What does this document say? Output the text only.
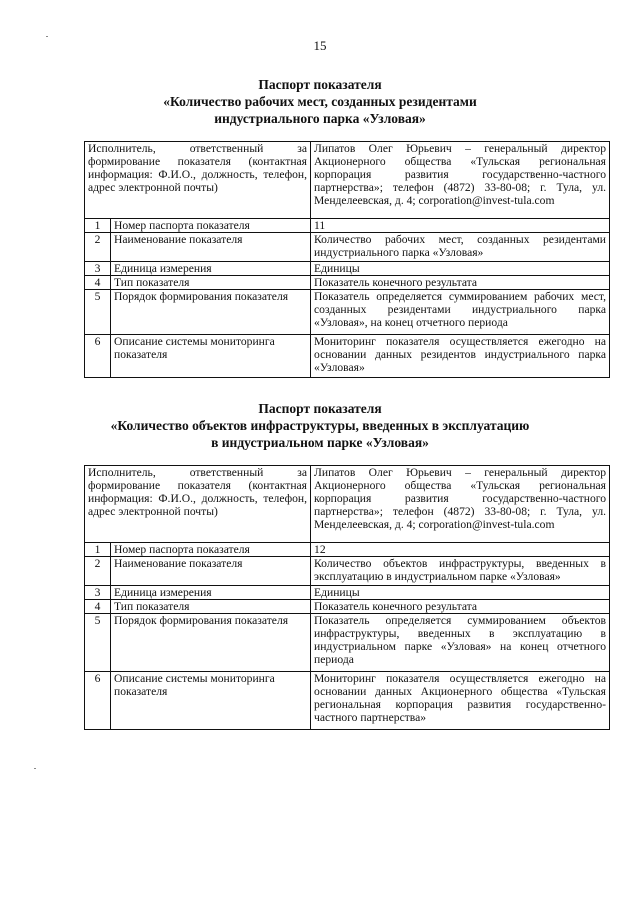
15
Паспорт показателя
«Количество рабочих мест, созданных резидентами
индустриального парка «Узловая»
Исполнитель, ответственный за формирование показателя (контактная информация: Ф.И.О., должность, телефон, адрес электронной почты)		Липатов Олег Юрьевич – генеральный директор Акционерного общества «Тульская региональная корпорация развития государственно-частного партнерства»; телефон (4872) 33-80-08; г. Тула, ул. Менделеевская, д. 4; corporation@invest-tula.com
1	Номер паспорта показателя	11
2	Наименование показателя	Количество рабочих мест, созданных резидентами индустриального парка «Узловая»
3	Единица измерения	Единицы
4	Тип показателя	Показатель конечного результата
5	Порядок формирования показателя	Показатель определяется суммированием рабочих мест, созданных резидентами индустриального парка «Узловая», на конец отчетного периода
6	Описание системы мониторинга показателя	Мониторинг показателя осуществляется ежегодно на основании данных резидентов индустриального парка «Узловая»
Паспорт показателя
«Количество объектов инфраструктуры, введенных в эксплуатацию
в индустриальном парке «Узловая»
Исполнитель, ответственный за формирование показателя (контактная информация: Ф.И.О., должность, телефон, адрес электронной почты)		Липатов Олег Юрьевич – генеральный директор Акционерного общества «Тульская региональная корпорация развития государственно-частного партнерства»; телефон (4872) 33-80-08; г. Тула, ул. Менделеевская, д. 4; corporation@invest-tula.com
1	Номер паспорта показателя	12
2	Наименование показателя	Количество объектов инфраструктуры, введенных в эксплуатацию в индустриальном парке «Узловая»
3	Единица измерения	Единицы
4	Тип показателя	Показатель конечного результата
5	Порядок формирования показателя	Показатель определяется суммированием объектов инфраструктуры, введенных в эксплуатацию в индустриальном парке «Узловая» на конец отчетного периода
6	Описание системы мониторинга показателя	Мониторинг показателя осуществляется ежегодно на основании данных Акционерного общества «Тульская региональная корпорация развития государственно-частного партнерства»
